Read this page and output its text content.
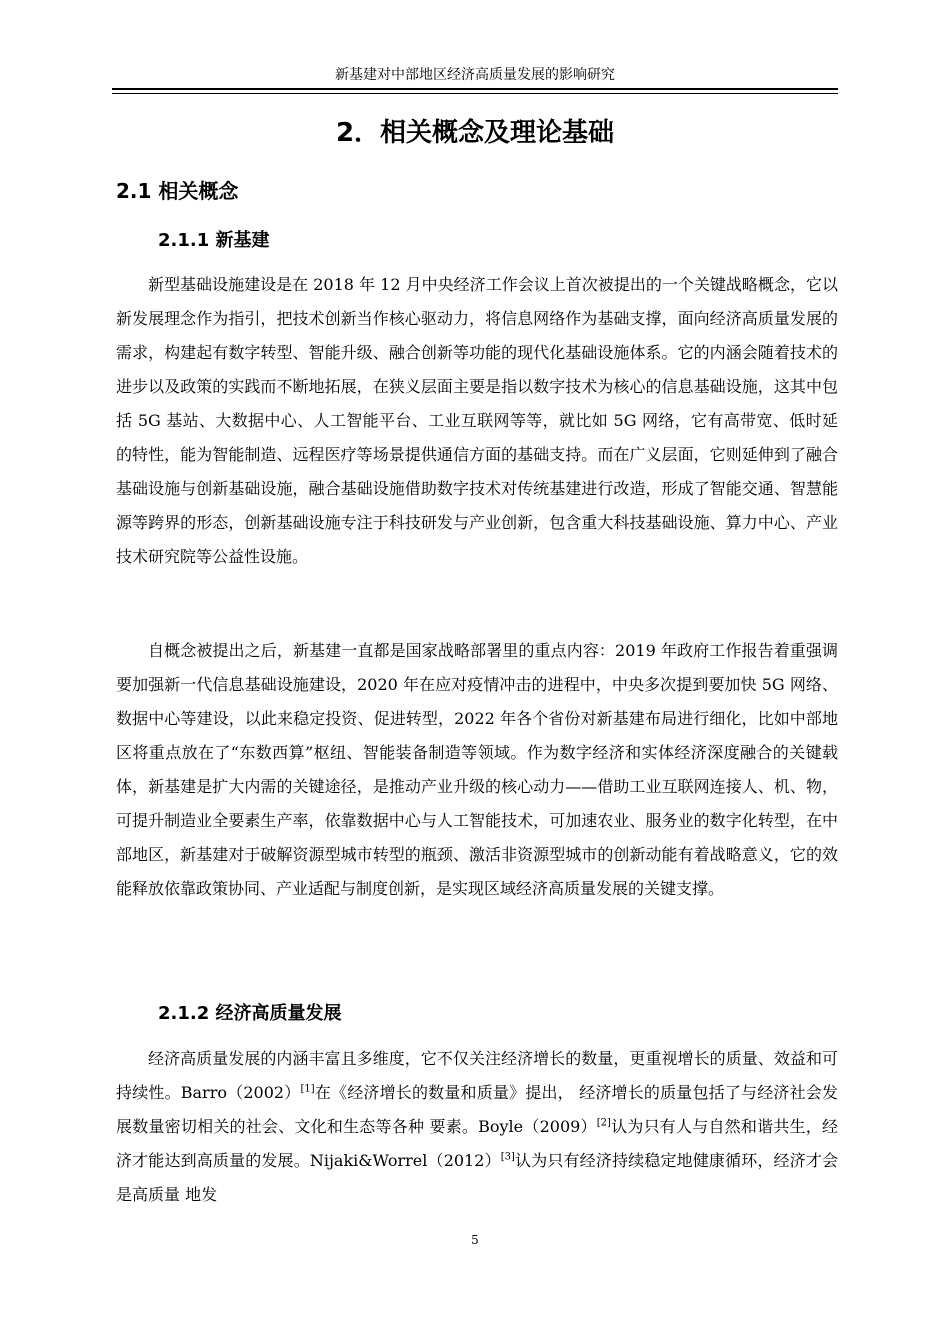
新基建对中部地区经济高质量发展的影响研究
2．相关概念及理论基础
2.1 相关概念
2.1.1 新基建

新型基础设施建设是在 2018 年 12 月中央经济工作会议上首次被提出的一个关键战略概念，它以新发展理念作为指引，把技术创新当作核心驱动力，将信息网络作为基础支撑，面向经济高质量发展的需求，构建起有数字转型、智能升级、融合创新等功能的现代化基础设施体系。它的内涵会随着技术的进步以及政策的实践而不断地拓展，在狭义层面主要是指以数字技术为核心的信息基础设施，这其中包括 5G 基站、大数据中心、人工智能平台、工业互联网等等，就比如 5G 网络，它有高带宽、低时延的特性，能为智能制造、远程医疗等场景提供通信方面的基础支持。而在广义层面，它则延伸到了融合基础设施与创新基础设施，融合基础设施借助数字技术对传统基建进行改造，形成了智能交通、智慧能源等跨界的形态，创新基础设施专注于科技研发与产业创新，包含重大科技基础设施、算力中心、产业技术研究院等公益性设施。

自概念被提出之后，新基建一直都是国家战略部署里的重点内容：2019 年政府工作报告着重强调要加强新一代信息基础设施建设，2020 年在应对疫情冲击的进程中，中央多次提到要加快 5G 网络、数据中心等建设，以此来稳定投资、促进转型，2022 年各个省份对新基建布局进行细化，比如中部地区将重点放在了“东数西算”枢纽、智能装备制造等领域。作为数字经济和实体经济深度融合的关键载体，新基建是扩大内需的关键途径，是推动产业升级的核心动力——借助工业互联网连接人、机、物，可提升制造业全要素生产率，依靠数据中心与人工智能技术，可加速农业、服务业的数字化转型，在中部地区，新基建对于破解资源型城市转型的瓶颈、激活非资源型城市的创新动能有着战略意义，它的效能释放依靠政策协同、产业适配与制度创新，是实现区域经济高质量发展的关键支撑。

2.1.2 经济高质量发展

经济高质量发展的内涵丰富且多维度，它不仅关注经济增长的数量，更重视增长的质量、效益和可持续性。Barro（2002）[1]在《经济增长的数量和质量》提出， 经济增长的质量包括了与经济社会发展数量密切相关的社会、文化和生态等各种 要素。Boyle（2009）[2]认为只有人与自然和谐共生，经济才能达到高质量的发展。Nijaki&Worrel（2012）[3]认为只有经济持续稳定地健康循环，经济才会是高质量 地发

5
